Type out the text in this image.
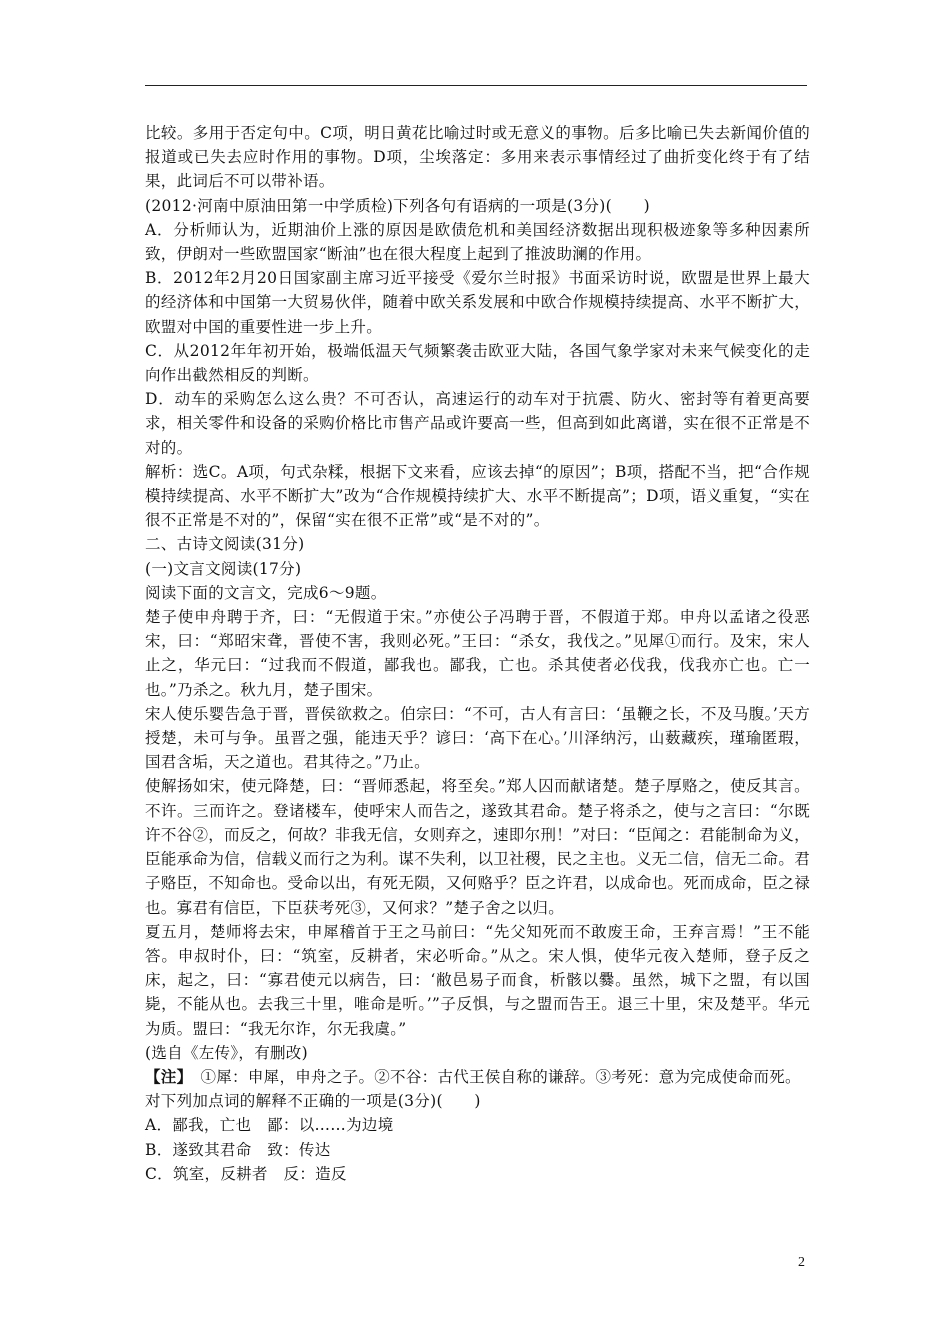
比较。多用于否定句中。C项，明日黄花比喻过时或无意义的事物。后多比喻已失去新闻价值的报道或已失去应时作用的事物。D项，尘埃落定：多用来表示事情经过了曲折变化终于有了结果，此词后不可以带补语。

(2012·河南中原油田第一中学质检)下列各句有语病的一项是(3分)(　　)

A．分析师认为，近期油价上涨的原因是欧债危机和美国经济数据出现积极迹象等多种因素所致，伊朗对一些欧盟国家“断油”也在很大程度上起到了推波助澜的作用。

B．2012年2月20日国家副主席习近平接受《爱尔兰时报》书面采访时说，欧盟是世界上最大的经济体和中国第一大贸易伙伴，随着中欧关系发展和中欧合作规模持续提高、水平不断扩大，欧盟对中国的重要性进一步上升。

C．从2012年年初开始，极端低温天气频繁袭击欧亚大陆，各国气象学家对未来气候变化的走向作出截然相反的判断。

D．动车的采购怎么这么贵？不可否认，高速运行的动车对于抗震、防火、密封等有着更高要求，相关零件和设备的采购价格比市售产品或许要高一些，但高到如此离谱，实在很不正常是不对的。

解析：选C。A项，句式杂糅，根据下文来看，应该去掉“的原因”；B项，搭配不当，把“合作规模持续提高、水平不断扩大”改为“合作规模持续扩大、水平不断提高”；D项，语义重复，“实在很不正常是不对的”，保留“实在很不正常”或“是不对的”。

二、古诗文阅读(31分)

(一)文言文阅读(17分)

阅读下面的文言文，完成6～9题。

楚子使申舟聘于齐，曰：“无假道于宋。”亦使公子冯聘于晋，不假道于郑。申舟以孟诸之役恶宋，曰：“郑昭宋聋，晋使不害，我则必死。”王曰：“杀女，我伐之。”见犀①而行。及宋，宋人止之，华元曰：“过我而不假道，鄙我也。鄙我，亡也。杀其使者必伐我，伐我亦亡也。亡一也。”乃杀之。秋九月，楚子围宋。

宋人使乐婴告急于晋，晋侯欲救之。伯宗曰：“不可，古人有言曰：‘虽鞭之长，不及马腹。’天方授楚，未可与争。虽晋之强，能违天乎？谚曰：‘高下在心。’川泽纳污，山薮藏疾，瑾瑜匿瑕，国君含垢，天之道也。君其待之。”乃止。

使解扬如宋，使元降楚，曰：“晋师悉起，将至矣。”郑人囚而献诸楚。楚子厚赂之，使反其言。不许。三而许之。登诸楼车，使呼宋人而告之，遂致其君命。楚子将杀之，使与之言曰：“尔既许不谷②，而反之，何故？非我无信，女则弃之，速即尔刑！”对曰：“臣闻之：君能制命为义，臣能承命为信，信载义而行之为利。谋不失利，以卫社稷，民之主也。义无二信，信无二命。君子赂臣，不知命也。受命以出，有死无陨，又何赂乎？臣之许君，以成命也。死而成命，臣之禄也。寡君有信臣，下臣获考死③，又何求？”楚子舍之以归。

夏五月，楚师将去宋，申犀稽首于王之马前曰：“先父知死而不敢废王命，王弃言焉！”王不能答。申叔时仆，曰：“筑室，反耕者，宋必听命。”从之。宋人惧，使华元夜入楚师，登子反之床，起之，曰：“寡君使元以病告，曰：‘敝邑易子而食，析骸以爨。虽然，城下之盟，有以国毙，不能从也。去我三十里，唯命是听。’”子反惧，与之盟而告王。退三十里，宋及楚平。华元为质。盟曰：“我无尔诈，尔无我虞。”

(选自《左传》，有删改)

【注】　①犀：申犀，申舟之子。②不谷：古代王侯自称的谦辞。③考死：意为完成使命而死。

对下列加点词的解释不正确的一项是(3分)(　　)

A．鄙我，亡也　鄙：以……为边境

B．遂致其君命　致：传达

C．筑室，反耕者　反：造反

2
